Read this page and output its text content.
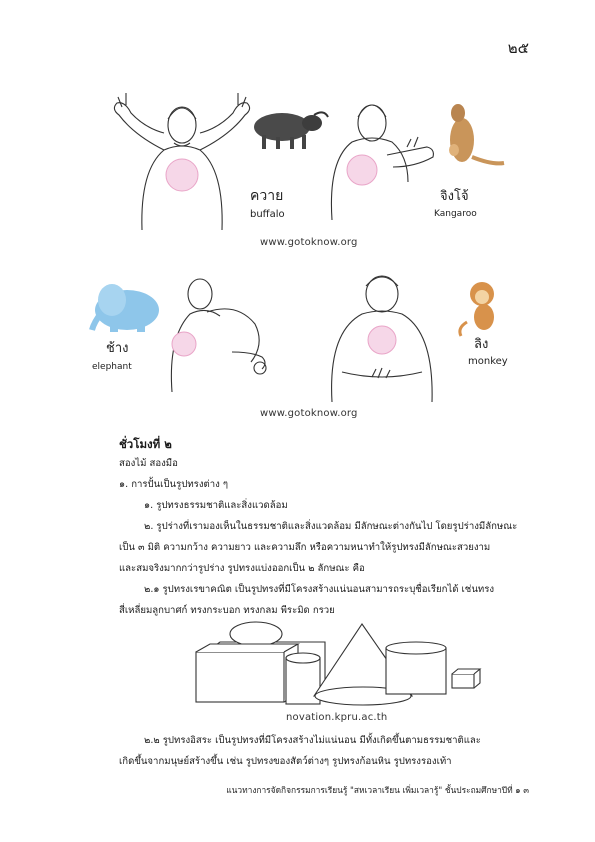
๒๕
ควาย
buffalo
จิงโจ้
Kangaroo
www.gotoknow.org
ช้าง
elephant
ลิง
monkey
www.gotoknow.org
ชั่วโมงที่ ๒
สองไม้ สองมือ
๑. การปั้นเป็นรูปทรงต่าง ๆ
๑. รูปทรงธรรมชาติและสิ่งแวดล้อม
๒. รูปร่างที่เรามองเห็นในธรรมชาติและสิ่งแวดล้อม มีลักษณะต่างกันไป โดยรูปร่างมีลักษณะ
เป็น ๓ มิติ ความกว้าง ความยาว และความลึก หรือความหนาทำให้รูปทรงมีลักษณะสวยงาม
และสมจริงมากกว่ารูปร่าง รูปทรงแบ่งออกเป็น ๒ ลักษณะ คือ
๒.๑ รูปทรงเรขาคณิต เป็นรูปทรงที่มีโครงสร้างแน่นอนสามารถระบุชื่อเรียกได้ เช่นทรง
สี่เหลี่ยมลูกบาศก์ ทรงกระบอก ทรงกลม พีระมิด กรวย
novation.kpru.ac.th
๒.๒ รูปทรงอิสระ เป็นรูปทรงที่มีโครงสร้างไม่แน่นอน มีทั้งเกิดขึ้นตามธรรมชาติและ
เกิดขึ้นจากมนุษย์สร้างขึ้น เช่น รูปทรงของสัตว์ต่างๆ รูปทรงก้อนหิน รูปทรงรองเท้า
แนวทางการจัดกิจกรรมการเรียนรู้ "สหเวลาเรียน เพิ่มเวลารู้" ชั้นประถมศึกษาปีที่ ๑ ๓
